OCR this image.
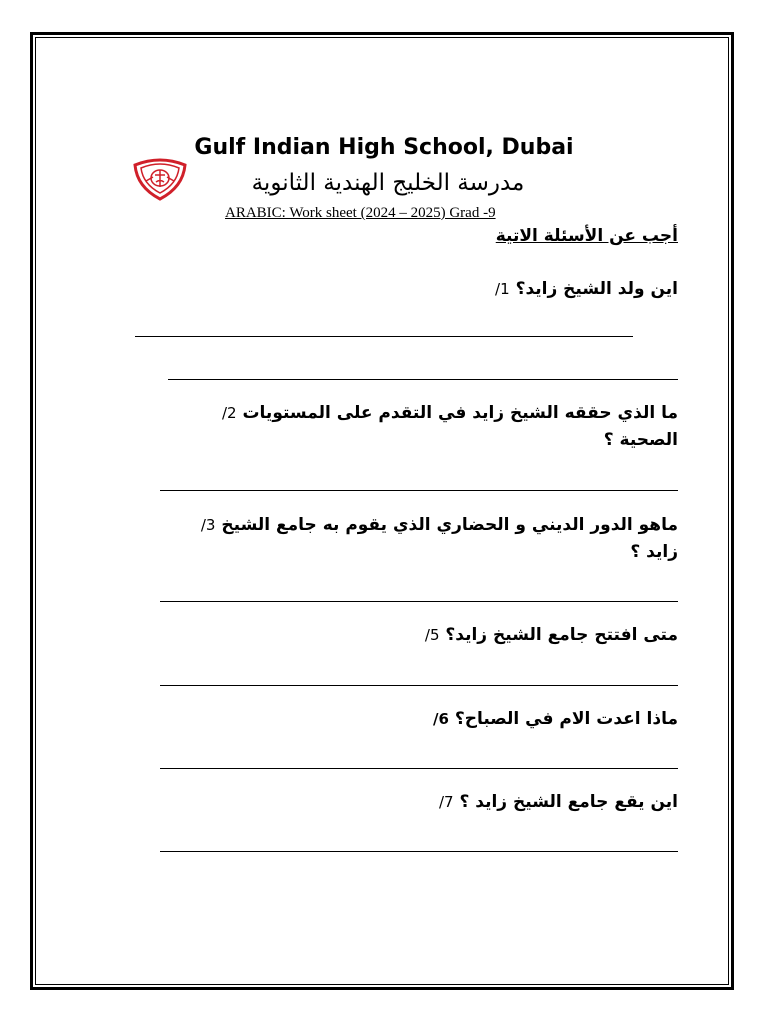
Gulf Indian High School, Dubai
مدرسة الخليج الهندية الثانوية
ARABIC: Work sheet (2024 – 2025) Grad -9
أجب عن الأسئلة الاتية
اين ولد الشيخ زايد؟ 1/
ما الذي حققه الشيخ زايد في التقدم على المستويات 2/
الصحية ؟
ماهو الدور الديني و الحضاري الذي يقوم به جامع الشيخ 3/
زايد ؟
متى افتتح جامع الشيخ زايد؟ 5/
ماذا اعدت الام في الصباح؟ 6/
اين يقع جامع الشيخ زايد ؟ 7/
